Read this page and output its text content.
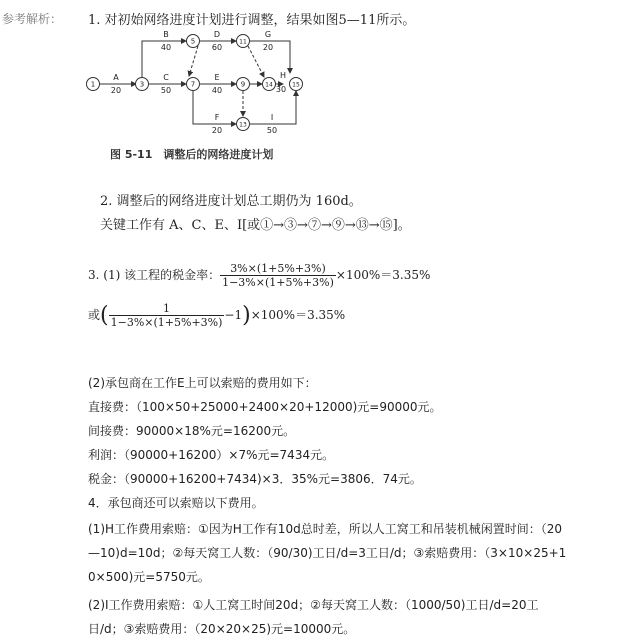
参考解析： 1. 对初始网络进度计划进行调整，结果如图5—11所示。
1	3
5
7	9
11
13
14	15
A
20
B
40
C
50
D
60
E
40
G
20
H
30
F
20
I
50
图 5-11　调整后的网络进度计划
2. 调整后的网络进度计划总工期仍为 160d。
关键工作有 A、C、E、I[或①→③→⑦→⑨→⑬→⑮]。
3. (1) 该工程的税金率： $\frac{3\%\times(1+5\%+3\%)}{1-3\%\times(1+5\%+3\%)} \times 100\%=3.35\%$
或( $\frac{1}{1-3\%\times(1+5\%+3\%)} -1)\times 100\%=3.35\%$
(2)承包商在工作E上可以索赔的费用如下：
直接费：（100×50+25000+2400×20+12000)元=90000元。
间接费：90000×18%元=16200元。
利润：（90000+16200）×7%元=7434元。
税金：（90000+16200+7434)×3．35%元=3806．74元。
4．承包商还可以索赔以下费用。
(1)H工作费用索赔：①因为H工作有10d总时差，所以人工窝工和吊装机械闲置时间：（20
—10)d=10d；②每天窝工人数：（90/30)工日/d=3工日/d；③索赔费用：（3×10×25+1
0×500)元=5750元。
(2)I工作费用索赔：①人工窝工时间20d；②每天窝工人数：（1000/50)工日/d=20工
日/d；③索赔费用：（20×20×25)元=10000元。
